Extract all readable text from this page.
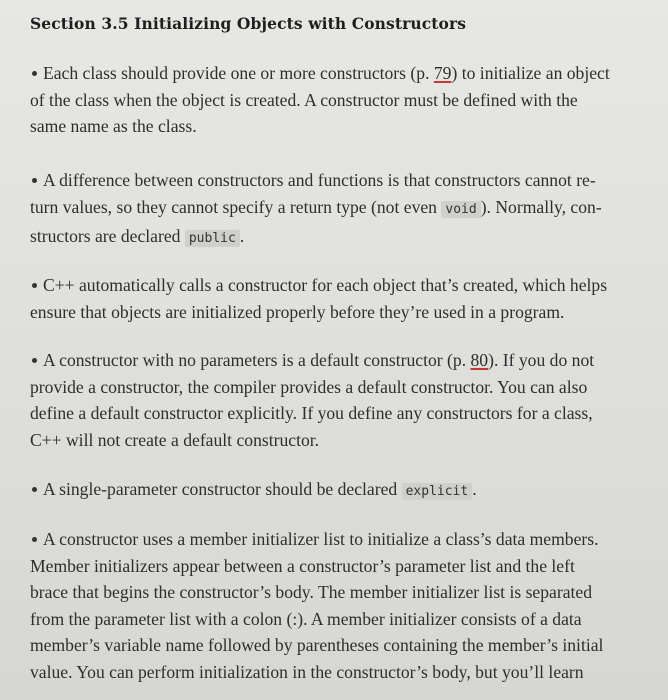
Section 3.5 Initializing Objects with Constructors
Each class should provide one or more constructors (p. 79) to initialize an object
of the class when the object is created. A constructor must be defined with the
same name as the class.
A difference between constructors and functions is that constructors cannot re-
turn values, so they cannot specify a return type (not even void ). Normally, con-
structors are declared public .
C++ automatically calls a constructor for each object that’s created, which helps
ensure that objects are initialized properly before they’re used in a program.
A constructor with no parameters is a default constructor (p. 80). If you do not
provide a constructor, the compiler provides a default constructor. You can also
define a default constructor explicitly. If you define any constructors for a class,
C++ will not create a default constructor.
A single-parameter constructor should be declared explicit .
A constructor uses a member initializer list to initialize a class’s data members.
Member initializers appear between a constructor’s parameter list and the left
brace that begins the constructor’s body. The member initializer list is separated
from the parameter list with a colon (:). A member initializer consists of a data
member’s variable name followed by parentheses containing the member’s initial
value. You can perform initialization in the constructor’s body, but you’ll learn
